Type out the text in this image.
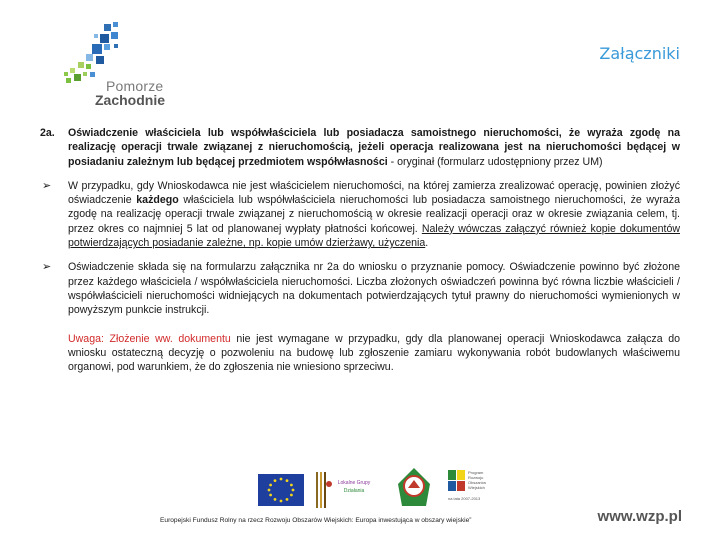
Pomorze
Zachodnie
Załączniki
2a.	Oświadczenie właściciela lub współwłaściciela lub posiadacza samoistnego nieruchomości, że wyraża zgodę na realizację operacji trwale związanej z nieruchomością, jeżeli operacja realizowana jest na nieruchomości będącej w posiadaniu zależnym lub będącej przedmiotem współwłasności - oryginał (formularz udostępniony przez UM)
➢	W przypadku, gdy Wnioskodawca nie jest właścicielem nieruchomości, na której zamierza zrealizować operację, powinien złożyć oświadczenie każdego właściciela lub współwłaściciela nieruchomości lub posiadacza samoistnego nieruchomości, że wyraża zgodę na realizację operacji trwale związanej z nieruchomością w okresie realizacji operacji oraz w okresie związania celem, tj. przez okres co najmniej 5 lat od planowanej wypłaty płatności końcowej. Należy wówczas załączyć również kopie dokumentów potwierdzających posiadanie zależne, np. kopie umów dzierżawy, użyczenia.
➢	Oświadczenie składa się na formularzu załącznika nr 2a do wniosku o przyznanie pomocy. Oświadczenie powinno być złożone przez każdego właściciela / współwłaściciela nieruchomości. Liczba złożonych oświadczeń powinna być równa liczbie właścicieli / współwłaścicieli nieruchomości widniejących na dokumentach potwierdzających tytuł prawny do nieruchomości wymienionych w powyższym punkcie instrukcji.
Uwaga: Złożenie ww. dokumentu nie jest wymagane w przypadku, gdy dla planowanej operacji Wnioskodawca załącza do wniosku ostateczną decyzję o pozwoleniu na budowę lub zgłoszenie zamiaru wykonywania robót budowlanych właściwemu organowi, pod warunkiem, że do zgłoszenia nie wniesiono sprzeciwu.
Lokalne Grupy
Działania
Program
Rozwoju
Obszarów
Wiejskich
na lata 2007-2013
Europejski Fundusz Rolny na rzecz Rozwoju Obszarów Wiejskich: Europa inwestująca w obszary wiejskie”	www.wzp.pl
